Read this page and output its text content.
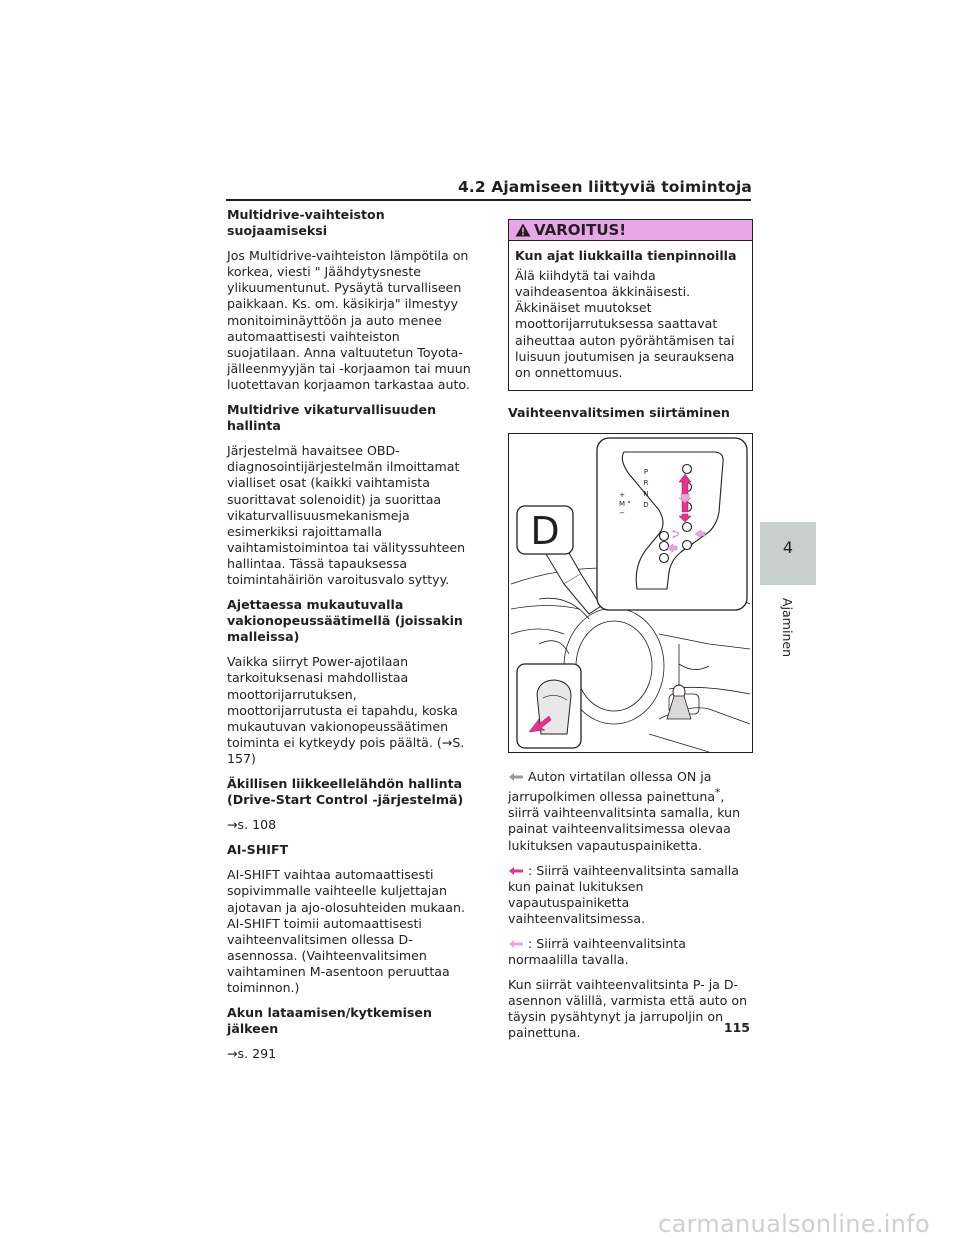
4.2 Ajamiseen liittyviä toimintoja
Multidrive-vaihteiston suojaamiseksi

Jos Multidrive-vaihteiston lämpötila on korkea, viesti " Jäähdytysneste ylikuumentunut. Pysäytä turvalliseen paikkaan. Ks. om. käsikirja" ilmestyy monitoiminäyttöön ja auto menee automaattisesti vaihteiston suojatilaan. Anna valtuutetun Toyota-jälleenmyyjän tai -korjaamon tai muun luotettavan korjaamon tarkastaa auto.

Multidrive vikaturvallisuuden hallinta

Järjestelmä havaitsee OBD-diagnosointijärjestelmän ilmoittamat vialliset osat (kaikki vaihtamista suorittavat solenoidit) ja suorittaa vikaturvallisuusmekanismeja esimerkiksi rajoittamalla vaihtamistoimintoa tai välityssuhteen hallintaa. Tässä tapauksessa toimintahäiriön varoitusvalo syttyy.

Ajettaessa mukautuvalla vakionopeussäätimellä (joissakin malleissa)

Vaikka siirryt Power-ajotilaan tarkoituksenasi mahdollistaa moottorijarrutuksen, moottorijarrutusta ei tapahdu, koska mukautuvan vakionopeussäätimen toiminta ei kytkeydy pois päältä. (→S. 157)

Äkillisen liikkeellelähdön hallinta (Drive-Start Control -järjestelmä)

→s. 108

AI-SHIFT

AI-SHIFT vaihtaa automaattisesti sopivimmalle vaihteelle kuljettajan ajotavan ja ajo-olosuhteiden mukaan. AI-SHIFT toimii automaattisesti vaihteenvalitsimen ollessa D-asennossa. (Vaihteenvalitsimen vaihtaminen M-asentoon peruuttaa toiminnon.)

Akun lataamisen/kytkemisen jälkeen

→s. 291

VAROITUS!
Kun ajat liukkailla tienpinnoilla
Älä kiihdytä tai vaihda vaihdeasentoa äkkinäisesti. Äkkinäiset muutokset moottorijarrutuksessa saattavat aiheuttaa auton pyörähtämisen tai luisuun joutumisen ja seurauksena on onnettomuus.
Vaihteenvalitsimen siirtäminen
P
R
N
D
+
M
−
D

Auton virtatilan ollessa ON ja jarrupolkimen ollessa painettuna*, siirrä vaihteenvalitsinta samalla, kun painat vaihteenvalitsimessa olevaa lukituksen vapautuspainiketta.

: Siirrä vaihteenvalitsinta samalla kun painat lukituksen vapautuspainiketta vaihteenvalitsimessa.

: Siirrä vaihteenvalitsinta normaalilla tavalla.

Kun siirrät vaihteenvalitsinta P- ja D-asennon välillä, varmista että auto on täysin pysähtynyt ja jarrupoljin on painettuna.

4
Ajaminen
115
carmanualsonline.info
